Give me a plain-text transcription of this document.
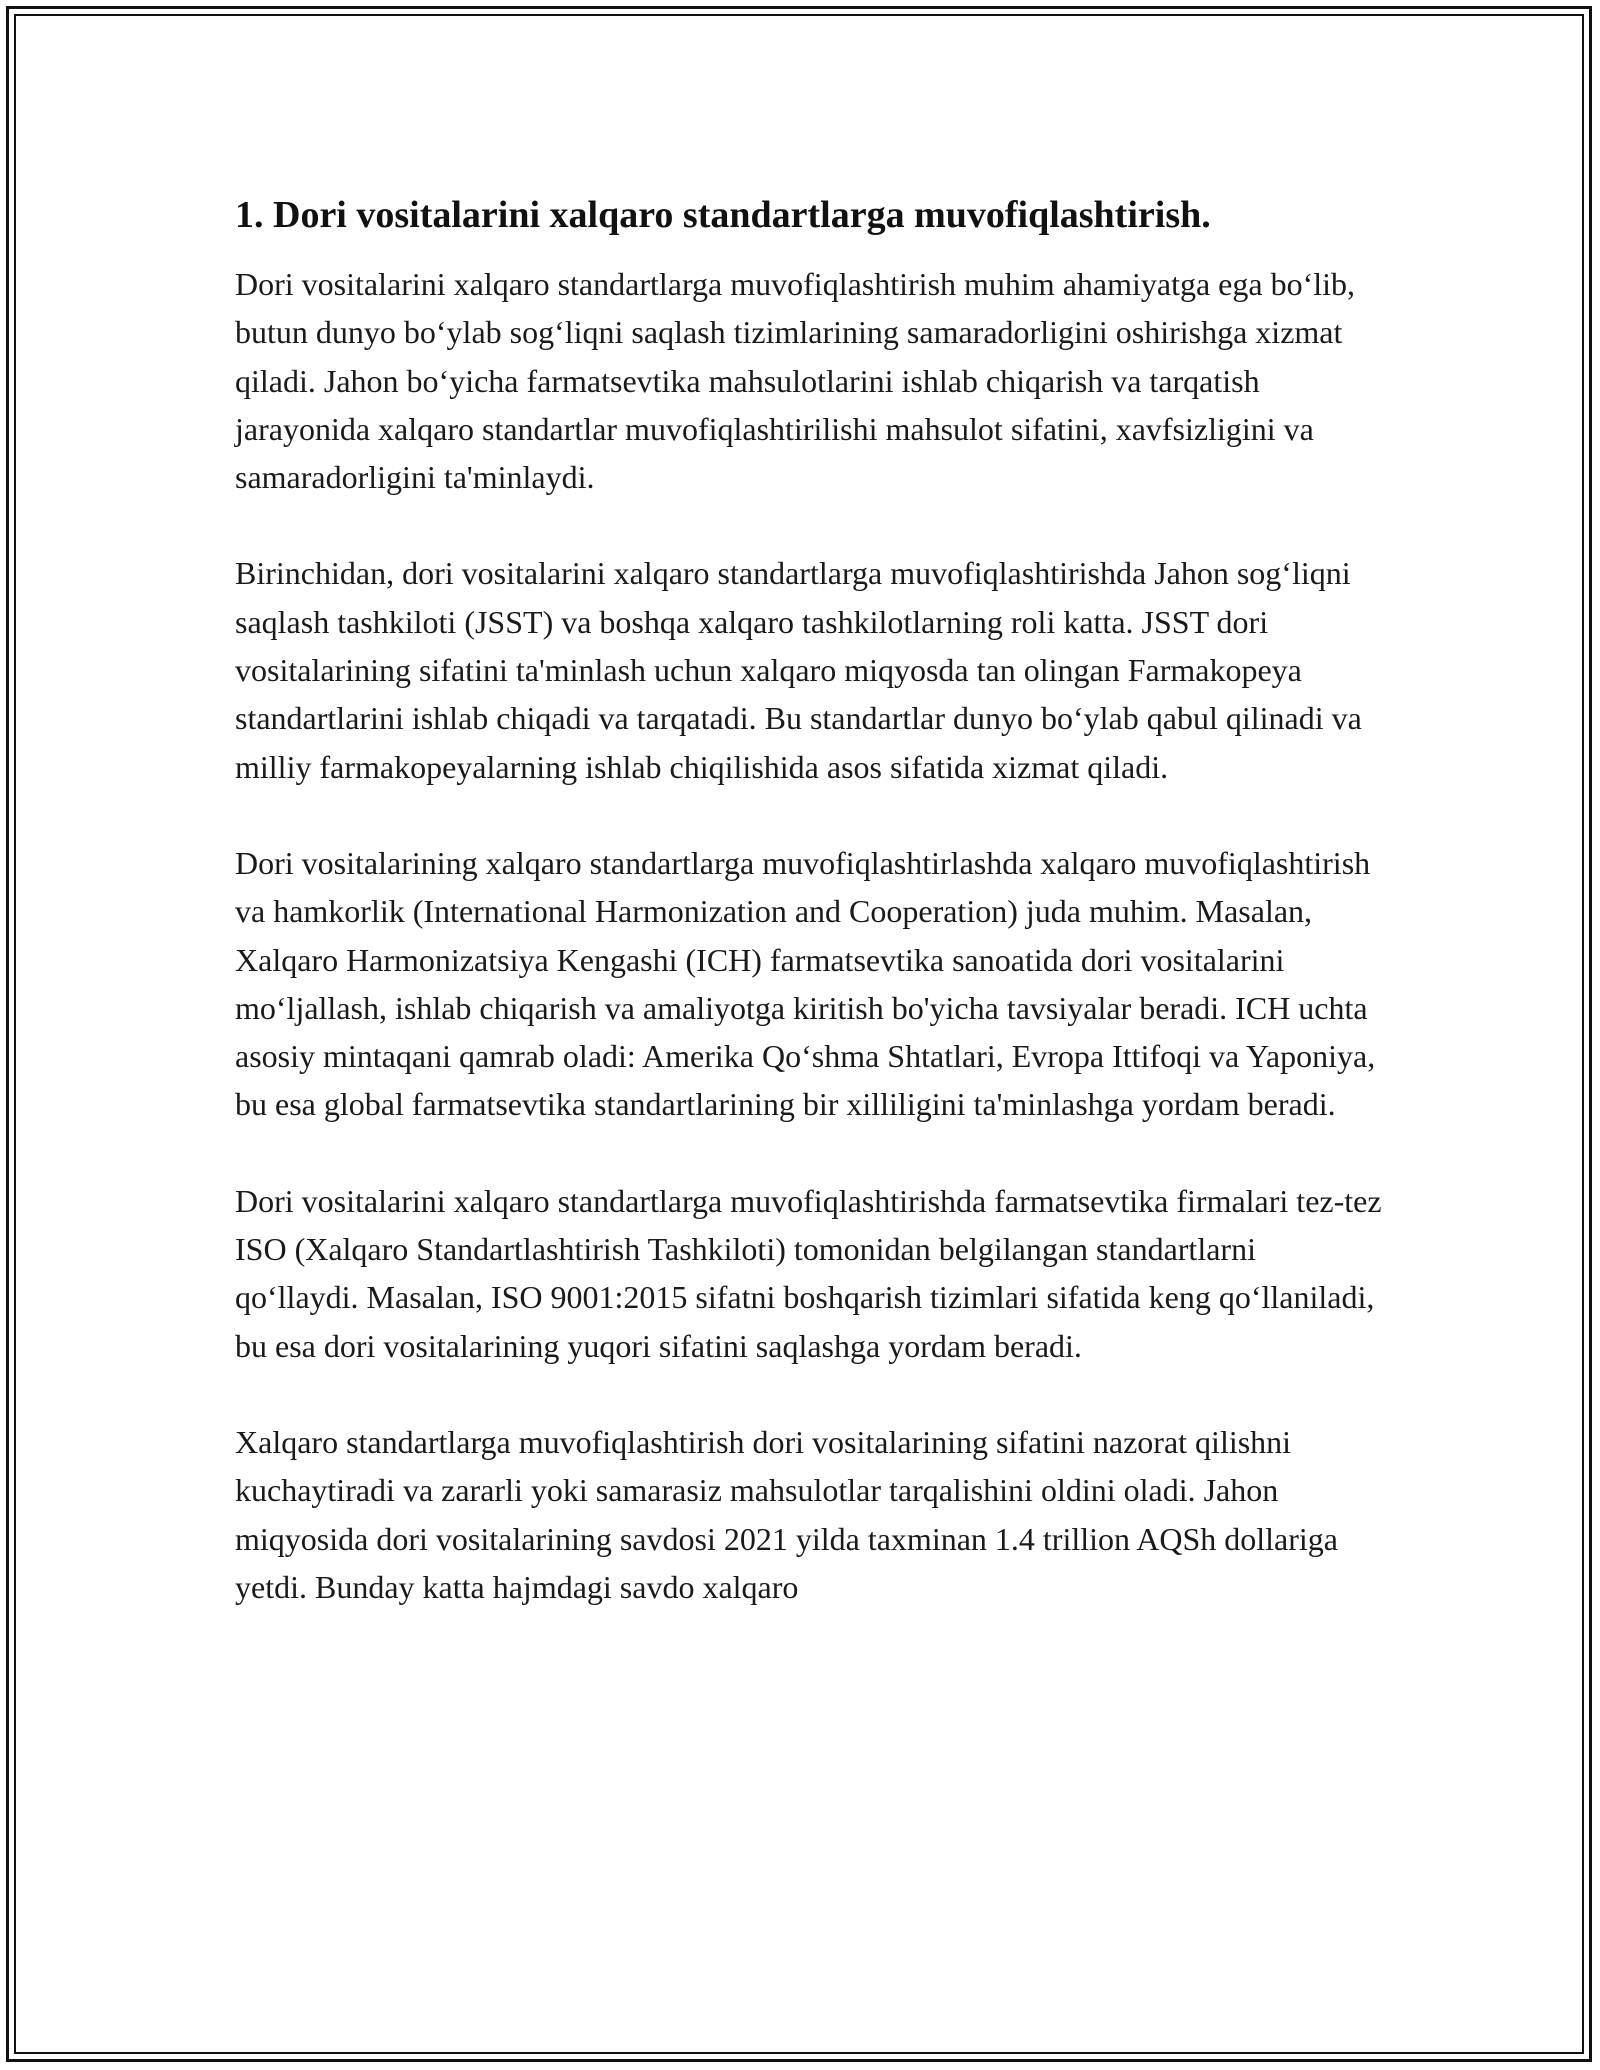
1. Dori vositalarini xalqaro standartlarga muvofiqlashtirish.

Dori vositalarini xalqaro standartlarga muvofiqlashtirish muhim ahamiyatga ega bo‘lib, butun dunyo bo‘ylab sog‘liqni saqlash tizimlarining samaradorligini oshirishga xizmat qiladi. Jahon bo‘yicha farmatsevtika mahsulotlarini ishlab chiqarish va tarqatish jarayonida xalqaro standartlar muvofiqlashtirilishi mahsulot sifatini, xavfsizligini va samaradorligini ta'minlaydi.

Birinchidan, dori vositalarini xalqaro standartlarga muvofiqlashtirishda Jahon sog‘liqni saqlash tashkiloti (JSST) va boshqa xalqaro tashkilotlarning roli katta. JSST dori vositalarining sifatini ta'minlash uchun xalqaro miqyosda tan olingan Farmakopeya standartlarini ishlab chiqadi va tarqatadi. Bu standartlar dunyo bo‘ylab qabul qilinadi va milliy farmakopeyalarning ishlab chiqilishida asos sifatida xizmat qiladi.

Dori vositalarining xalqaro standartlarga muvofiqlashtirlashda xalqaro muvofiqlashtirish va hamkorlik (International Harmonization and Cooperation) juda muhim. Masalan, Xalqaro Harmonizatsiya Kengashi (ICH) farmatsevtika sanoatida dori vositalarini mo‘ljallash, ishlab chiqarish va amaliyotga kiritish bo'yicha tavsiyalar beradi. ICH uchta asosiy mintaqani qamrab oladi: Amerika Qo‘shma Shtatlari, Evropa Ittifoqi va Yaponiya, bu esa global farmatsevtika standartlarining bir xilliligini ta'minlashga yordam beradi.

Dori vositalarini xalqaro standartlarga muvofiqlashtirishda farmatsevtika firmalari tez-tez ISO (Xalqaro Standartlashtirish Tashkiloti) tomonidan belgilangan standartlarni qo‘llaydi. Masalan, ISO 9001:2015 sifatni boshqarish tizimlari sifatida keng qo‘llaniladi, bu esa dori vositalarining yuqori sifatini saqlashga yordam beradi.

Xalqaro standartlarga muvofiqlashtirish dori vositalarining sifatini nazorat qilishni kuchaytiradi va zararli yoki samarasiz mahsulotlar tarqalishini oldini oladi. Jahon miqyosida dori vositalarining savdosi 2021 yilda taxminan 1.4 trillion AQSh dollariga yetdi. Bunday katta hajmdagi savdo xalqaro
